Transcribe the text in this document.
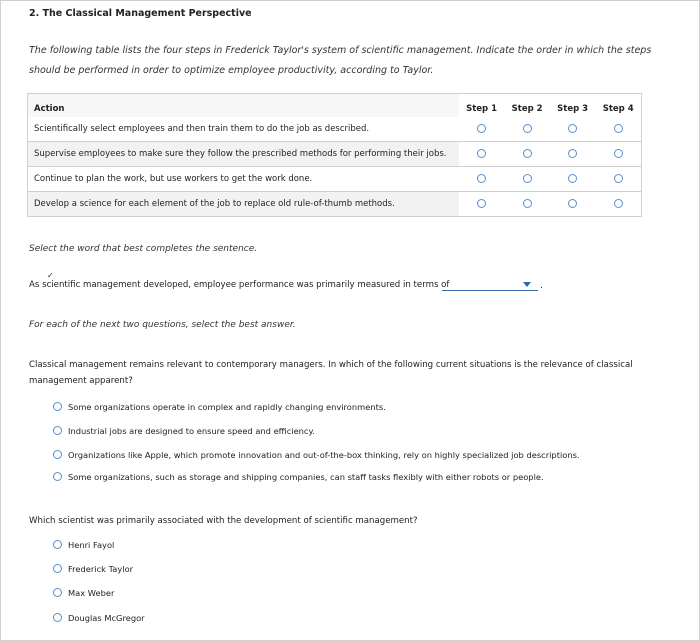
2. The Classical Management Perspective
The following table lists the four steps in Frederick Taylor's system of scientific management. Indicate the order in which the steps should be performed in order to optimize employee productivity, according to Taylor.
Action	Step 1	Step 2	Step 3	Step 4
Scientifically select employees and then train them to do the job as described.				
Supervise employees to make sure they follow the prescribed methods for performing their jobs.				
Continue to plan the work, but use workers to get the work done.				
Develop a science for each element of the job to replace old rule-of-thumb methods.				
Select the word that best completes the sentence.
✓
As scientific management developed, employee performance was primarily measured in terms of	.
For each of the next two questions, select the best answer.
Classical management remains relevant to contemporary managers. In which of the following current situations is the relevance of classical management apparent?
Some organizations operate in complex and rapidly changing environments.
Industrial jobs are designed to ensure speed and efficiency.
Organizations like Apple, which promote innovation and out-of-the-box thinking, rely on highly specialized job descriptions.
Some organizations, such as storage and shipping companies, can staff tasks flexibly with either robots or people.
Which scientist was primarily associated with the development of scientific management?
Henri Fayol
Frederick Taylor
Max Weber
Douglas McGregor
